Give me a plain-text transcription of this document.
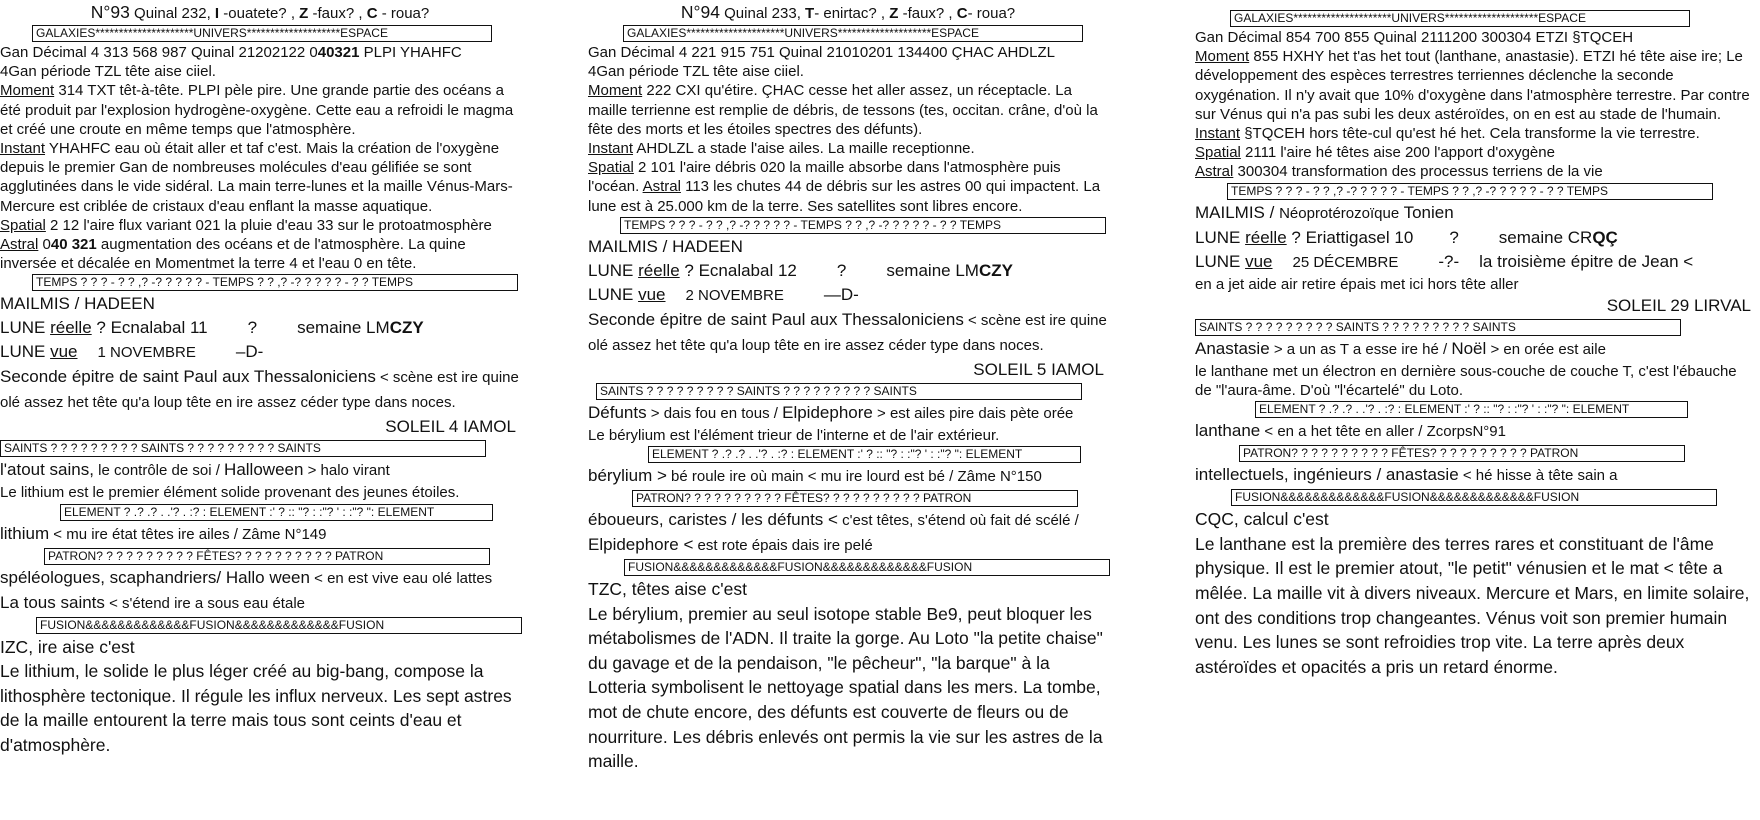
N°93 Quinal 232, I -ouatete? , Z -faux? , C - roua?
GALAXIES*********************UNIVERS********************ESPACE

Gan Décimal 4 313 568 987 Quinal 21202122 040321 PLPI YHAHFC

4Gan période TZL tête aise ciiel.

Moment 314 TXT têt-à-tête. PLPI pèle pire. Une grande partie des océans a été produit par l'explosion hydrogène-oxygène. Cette eau a refroidi le magma et créé une croute en même temps que l'atmosphère.

Instant YHAHFC eau où était aller et taf c'est. Mais la création de l'oxygène depuis le premier Gan de nombreuses molécules d'eau gélifiée se sont agglutinées dans le vide sidéral. La main terre-lunes et la maille Vénus-Mars-Mercure est criblée de cristaux d'eau enflant la masse aquatique.

Spatial 2 12 l'aire flux variant 021 la pluie d'eau 33 sur le protoatmosphère

Astral 040 321 augmentation des océans et de l'atmosphère. La quine inversée et décalée en Momentmet la terre 4 et l'eau 0 en tête.

TEMPS ? ? ? - ? ? ,? -? ? ? ? ? - TEMPS ? ? ,? -? ? ? ? ? - ? ? TEMPS

MAILMIS / HADEEN

LUNE réelle ? Ecnalabal 11 ? semaine LMCZY

LUNE vue 1 NOVEMBRE –D-

Seconde épitre de saint Paul aux Thessaloniciens < scène est ire quine olé assez het tête qu'a loup tête en ire assez céder type dans noces.

SOLEIL 4 IAMOL

SAINTS ? ? ? ? ? ? ? ? ? SAINTS ? ? ? ? ? ? ? ? ? SAINTS

l'atout sains, le contrôle de soi / Halloween > halo virant

Le lithium est le premier élément solide provenant des jeunes étoiles.

ELEMENT ? .? .? . .'? . :? : ELEMENT :' ? :: "? : :"? ' : :"? ": ELEMENT

lithium < mu ire état têtes ire ailes / Zâme N°149

PATRON? ? ? ? ? ? ? ? ? ? FÊTES? ? ? ? ? ? ? ? ? ? PATRON

spéléologues, scaphandriers/ Hallo ween < en est vive eau olé lattes

La tous saints < s'étend ire a sous eau étale

FUSION&&&&&&&&&&&&&FUSION&&&&&&&&&&&&&FUSION

IZC, ire aise c'est

Le lithium, le solide le plus léger créé au big-bang, compose la lithosphère tectonique. Il régule les influx nerveux. Les sept astres de la maille entourent la terre mais tous sont ceints d'eau et d'atmosphère.

N°94 Quinal 233, T- enirtac? , Z -faux? , C- roua?
GALAXIES*********************UNIVERS********************ESPACE

Gan Décimal 4 221 915 751 Quinal 21010201 134400 ÇHAC AHDLZL

4Gan période TZL tête aise ciiel.

Moment 222 CXI qu'étire. ÇHAC cesse het aller assez, un réceptacle. La maille terrienne est remplie de débris, de tessons (tes, occitan. crâne, d'où la fête des morts et les étoiles spectres des défunts).

Instant AHDLZL a stade l'aise ailes. La maille receptionne.

Spatial 2 101 l'aire débris 020 la maille absorbe dans l'atmosphère puis l'océan. Astral 113 les chutes 44 de débris sur les astres 00 qui impactent. La lune est à 25.000 km de la terre. Ses satellites sont libres encore.

TEMPS ? ? ? - ? ? ,? -? ? ? ? ? - TEMPS ? ? ,? -? ? ? ? ? - ? ? TEMPS

MAILMIS / HADEEN

LUNE réelle ? Ecnalabal 12 ? semaine LMCZY

LUNE vue 2 NOVEMBRE —D-

Seconde épitre de saint Paul aux Thessaloniciens < scène est ire quine olé assez het tête qu'a loup tête en ire assez céder type dans noces.

SOLEIL 5 IAMOL

SAINTS ? ? ? ? ? ? ? ? ? SAINTS ? ? ? ? ? ? ? ? ? SAINTS

Défunts > dais fou en tous / Elpidephore > est ailes pire dais pète orée

Le bérylium est l'élément trieur de l'interne et de l'air extérieur.

ELEMENT ? .? .? . .'? . :? : ELEMENT :' ? :: "? : :"? ' : :"? ": ELEMENT

bérylium > bé roule ire où main < mu ire lourd est bé / Zâme N°150

PATRON? ? ? ? ? ? ? ? ? ? FÊTES? ? ? ? ? ? ? ? ? ? PATRON

éboueurs, caristes / les défunts < c'est têtes, s'étend où fait dé scélé /

Elpidephore < est rote épais dais ire pelé

FUSION&&&&&&&&&&&&&FUSION&&&&&&&&&&&&&FUSION

TZC, têtes aise c'est

Le bérylium, premier au seul isotope stable Be9, peut bloquer les métabolismes de l'ADN. Il traite la gorge. Au Loto "la petite chaise" du gavage et de la pendaison, "le pêcheur", "la barque" à la Lotteria symbolisent le nettoyage spatial dans les mers. La tombe, mot de chute encore, des défunts est couverte de fleurs ou de nourriture. Les débris enlevés ont permis la vie sur les astres de la maille.

GALAXIES*********************UNIVERS********************ESPACE

Gan Décimal 854 700 855 Quinal 2111200 300304 ETZI §TQCEH

Moment 855 HXHY het t'as het tout (lanthane, anastasie). ETZI hé tête aise ire; Le développement des espèces terrestres terriennes déclenche la seconde oxygénation. Il n'y avait que 10% d'oxygène dans l'atmosphère terrestre. Par contre sur Vénus qui n'a pas subi les deux astéroïdes, on en est au stade de l'humain.

Instant §TQCEH hors tête-cul qu'est hé het. Cela transforme la vie terrestre.

Spatial 2111 l'aire hé têtes aise 200 l'apport d'oxygène

Astral 300304 transformation des processus terriens de la vie

TEMPS ? ? ? - ? ? ,? -? ? ? ? ? - TEMPS ? ? ,? -? ? ? ? ? - ? ? TEMPS

MAILMIS / Néoprotérozoïque Tonien

LUNE réelle ? Eriattigasel 10 ? semaine CRQÇ

LUNE vue 25 DÉCEMBRE -?- la troisième épitre de Jean <

en a jet aide air retire épais met ici hors tête aller

SOLEIL 29 LIRVAL

SAINTS ? ? ? ? ? ? ? ? ? SAINTS ? ? ? ? ? ? ? ? ? SAINTS

Anastasie > a un as T a esse ire hé / Noël > en orée est aile

le lanthane met un électron en dernière sous-couche de couche T, c'est l'ébauche de "l'aura-âme. D'où "l'écartelé" du Loto.

ELEMENT ? .? .? . .'? . :? : ELEMENT :' ? :: "? : :"? ' : :"? ": ELEMENT

lanthane < en a het tête en aller / ZcorpsN°91

PATRON? ? ? ? ? ? ? ? ? ? FÊTES? ? ? ? ? ? ? ? ? ? PATRON

intellectuels, ingénieurs / anastasie < hé hisse à tête sain a

FUSION&&&&&&&&&&&&&FUSION&&&&&&&&&&&&&FUSION

CQC, calcul c'est

Le lanthane est la première des terres rares et constituant de l'âme physique. Il est le premier atout, "le petit" vénusien et le mat < tête a mêlée. La maille vit à divers niveaux. Mercure et Mars, en limite solaire, ont des conditions trop changeantes. Vénus voit son premier humain venu. Les lunes se sont refroidies trop vite. La terre après deux astéroïdes et opacités a pris un retard énorme.
